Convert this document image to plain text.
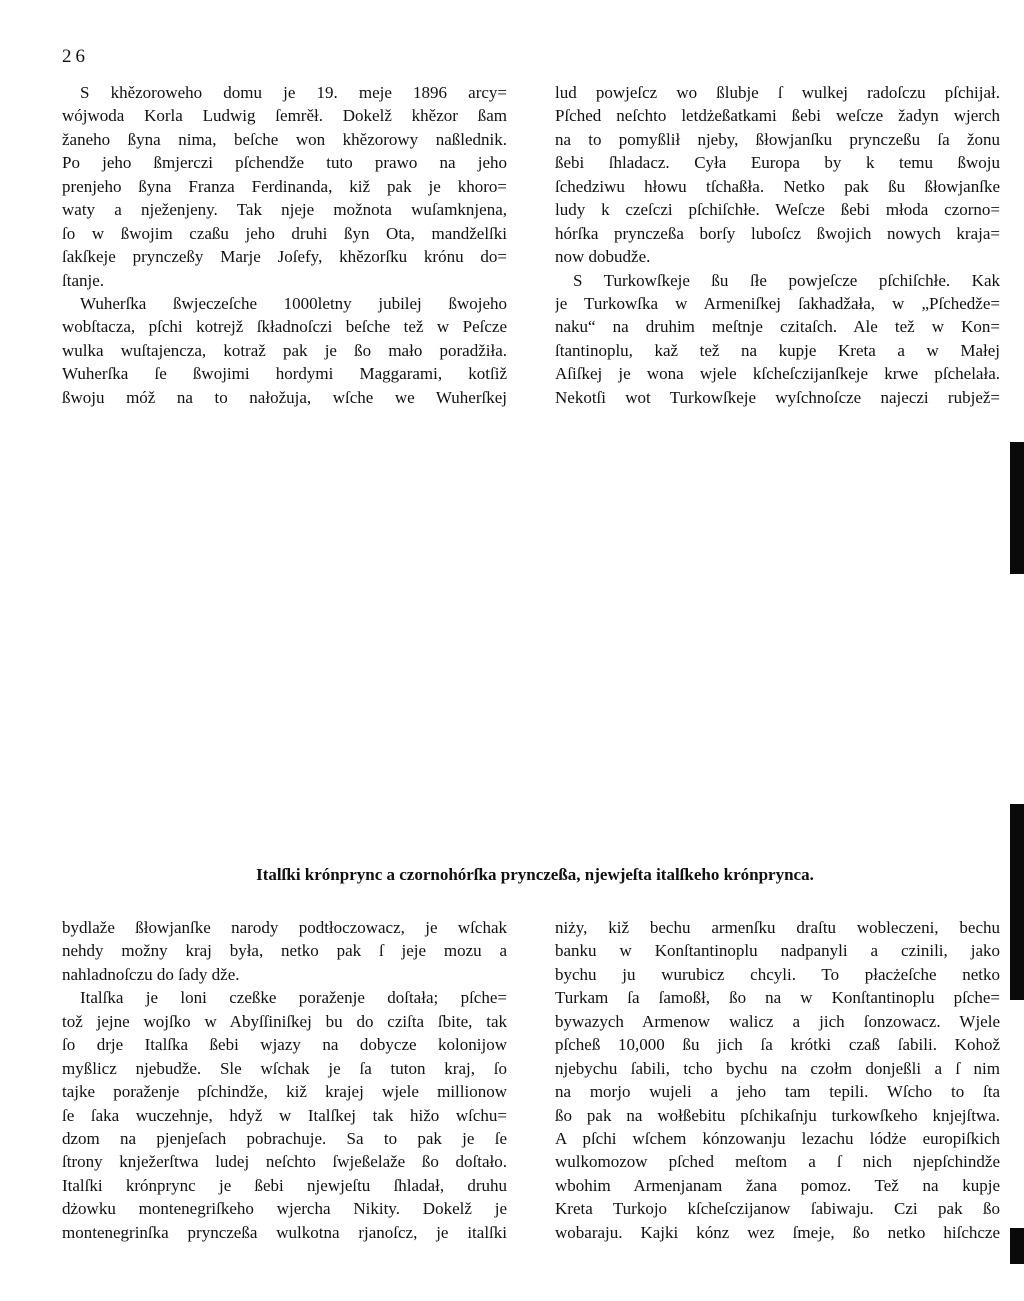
26
S khězoroweho domu je 19. meje 1896 arcy=
wójwoda Korla Ludwig ſemrěł. Dokelž khězor ßam
žaneho ßyna nima, beſche won khězorowy naßlednik.
Po jeho ßmjerczi pſchendže tuto prawo na jeho
prenjeho ßyna Franza Ferdinanda, kiž pak je khoro=
waty a nježenjeny. Tak njeje možnota wuſamknjena,
ſo w ßwojim czaßu jeho druhi ßyn Ota, mandželſki
ſakſkeje prynczeßy Marje Joſefy, khězorſku krónu do=
ſtanje.
Wuherſka ßwjeczeſche 1000letny jubilej ßwojeho
wobſtacza, pſchi kotrejž ſkładnoſczi beſche tež w Peſcze
wulka wuſtajencza, kotraž pak je ßo mało poradžiła.
Wuherſka ſe ßwojimi hordymi Maggarami, kotſiž
ßwoju móž na to nałožuja, wſche we Wuherſkej
lud powjeſcz wo ßlubje ſ wulkej radoſczu pſchijał.
Pſched neſchto letdżeßatkami ßebi weſcze žadyn wjerch
na to pomyßlił njeby, ßłowjanſku prynczeßu ſa žonu
ßebi ſhladacz. Cyła Europa by k temu ßwoju
ſchedziwu hłowu tſchaßła. Netko pak ßu ßłowjanſke
ludy k czeſczi pſchiſchłe. Weſcze ßebi młoda czorno=
hórſka prynczeßa borſy luboſcz ßwojich nowych kraja=
now dobudže.
S Turkowſkeje ßu ſłe powjeſcze pſchiſchłe. Kak
je Turkowſka w Armeniſkej ſakhadžała, w „Pſchedže=
naku“ na druhim meſtnje czitaſch. Ale tež w Kon=
ſtantinoplu, kaž tež na kupje Kreta a w Małej
Aſiſkej je wona wjele kſcheſczijanſkeje krwe pſchelała.
Nekotſi wot Turkowſkeje wyſchnoſcze najeczi rubjež=
Italſki krónprync a czornohórſka prynczeßa, njewjeſta italſkeho krónprynca.
bydlaže ßłowjanſke narody podtłoczowacz, je wſchak
nehdy možny kraj była, netko pak ſ jeje mozu a
nahladnoſczu do ſady dže.
Italſka je loni czeßke poraženje doſtała; pſche=
tož jejne wojſko w Abyſſiniſkej bu do cziſta ſbite, tak
ſo drje Italſka ßebi wjazy na dobycze kolonijow
myßlicz njebudže. Sle wſchak je ſa tuton kraj, ſo
tajke poraženje pſchindže, kiž krajej wjele millionow
ſe ſaka wuczehnje, hdyž w Italſkej tak hižo wſchu=
dzom na pjenjeſach pobrachuje. Sa to pak je ſe
ſtrony knježerſtwa ludej neſchto ſwjeßelaže ßo doſtało.
Italſki krónprync je ßebi njewjeſtu ſhladał, druhu
dżowku montenegriſkeho wjercha Nikity. Dokelž je
montenegrinſka prynczeßa wulkotna rjanoſcz, je italſki
niży, kiž bechu armenſku draſtu wobleczeni, bechu
banku w Konſtantinoplu nadpanyli a czinili, jako
bychu ju wurubicz chcyli. To płacżeſche netko
Turkam ſa ſamoßł, ßo na w Konſtantinoplu pſche=
bywazych Armenow walicz a jich ſonzowacz. Wjele
pſcheß 10,000 ßu jich ſa krótki czaß ſabili. Kohož
njebychu ſabili, tcho bychu na czołm donjeßli a ſ nim
na morjo wujeli a jeho tam tepili. Wſcho to ſta
ßo pak na wołßebitu pſchikaſnju turkowſkeho knjejſtwa.
A pſchi wſchem kónzowanju lezachu lódże europiſkich
wulkomozow pſched meſtom a ſ nich njepſchindže
wbohim Armenjanam žana pomoz. Tež na kupje
Kreta Turkojo kſcheſczijanow ſabiwaju. Czi pak ßo
wobaraju. Kajki kónz wez ſmeje, ßo netko hiſchcze
